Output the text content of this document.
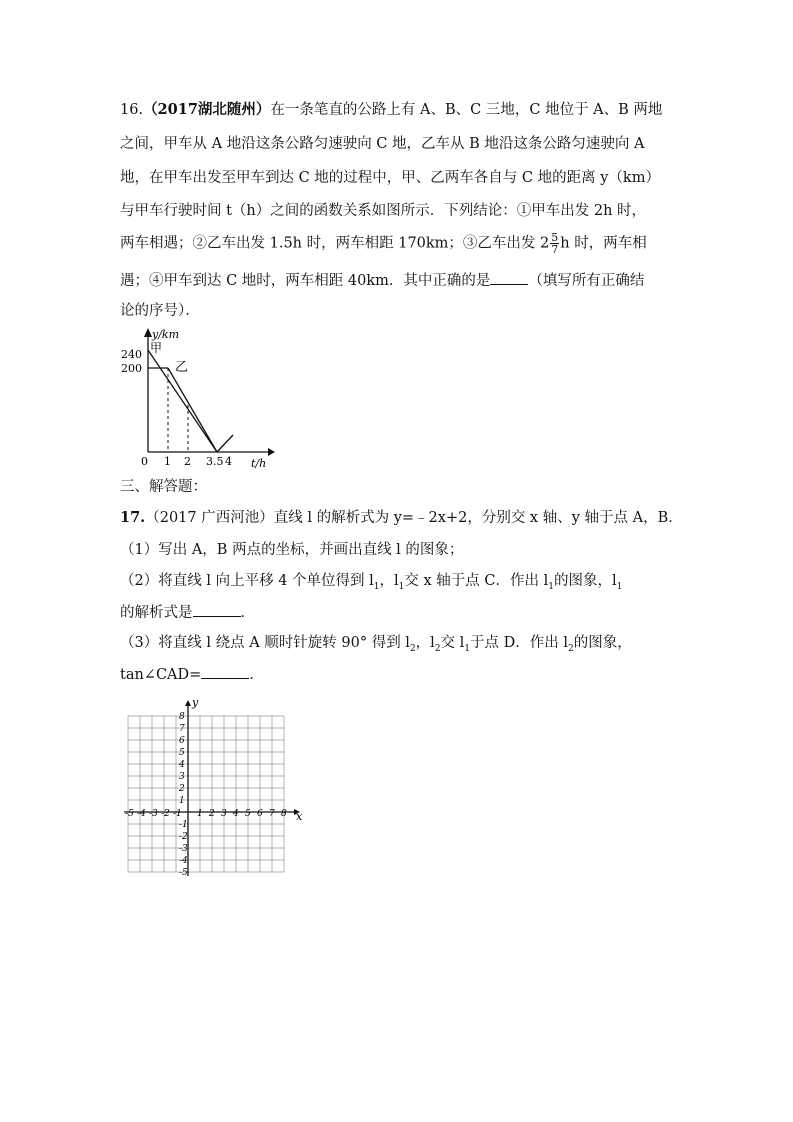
16.（2017湖北随州）在一条笔直的公路上有 A、B、C 三地，C 地位于 A、B 两地
之间，甲车从 A 地沿这条公路匀速驶向 C 地，乙车从 B 地沿这条公路匀速驶向 A
地，在甲车出发至甲车到达 C 地的过程中，甲、乙两车各自与 C 地的距离 y（km）
与甲车行驶时间 t（h）之间的函数关系如图所示．下列结论：①甲车出发 2h 时，
两车相遇；②乙车出发 1.5h 时，两车相距 170km；③乙车出发 $2 \frac{5}{7}$ h 时，两车相
遇；④甲车到达 C 地时，两车相距 40km．其中正确的是	（填写所有正确结
论的序号）．
y/km
甲
乙
240
200
0 1 2 3.5 4 t/h
三、解答题：
17.（2017 广西河池）直线 l 的解析式为 y=﹣2x+2，分别交 x 轴、y 轴于点 A，B．
（1）写出 A，B 两点的坐标，并画出直线 l 的图象；
（2）将直线 l 向上平移 4 个单位得到 $l_1$，$l_1$交 x 轴于点 C．作出 $l_1$的图象，$l_1$
的解析式是	．
（3）将直线 l 绕点 A 顺时针旋转 90° 得到 $l_2$，$l_2$交 $l_1$于点 D．作出 $l_2$的图象，
tan∠CAD=	．
-5 -4 -3 -2 -1 1 2 3 4 5 6 7 8
8
7
6
5
4
3
2
1
-1
-2
-3
-4
-5
x
y
